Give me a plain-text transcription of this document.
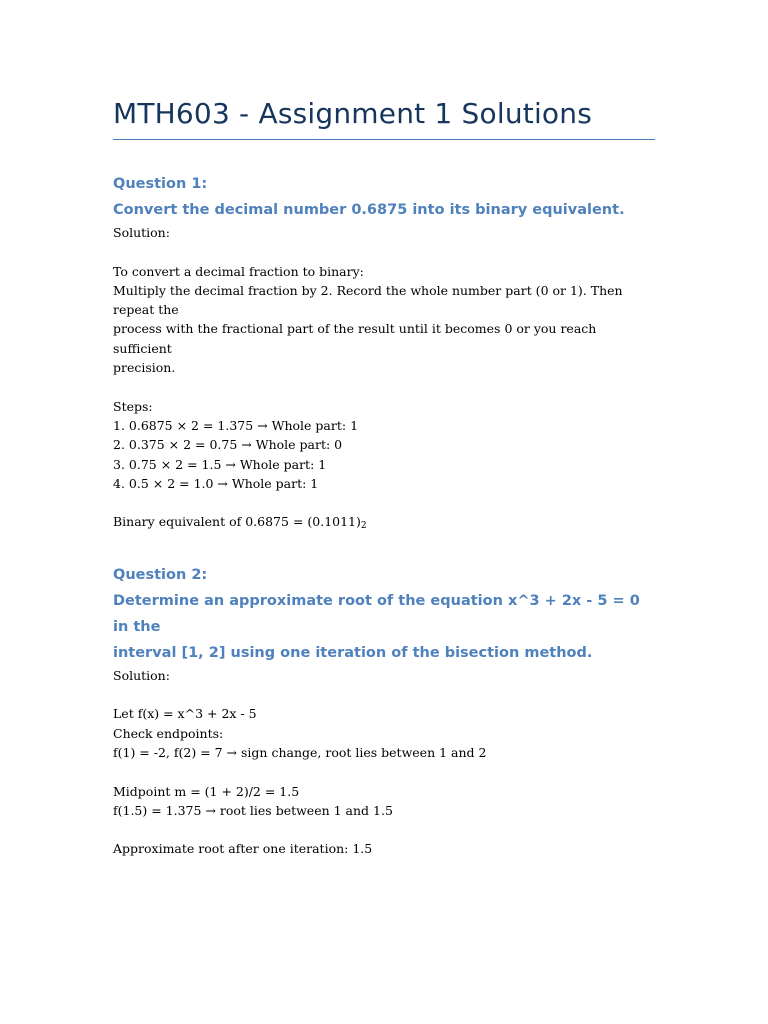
MTH603 - Assignment 1 Solutions
Question 1:

Convert the decimal number 0.6875 into its binary equivalent.

Solution:
To convert a decimal fraction to binary:
Multiply the decimal fraction by 2. Record the whole number part (0 or 1). Then repeat the
process with the fractional part of the result until it becomes 0 or you reach sufficient
precision.
Steps:
1. 0.6875 × 2 = 1.375 → Whole part: 1
2. 0.375 × 2 = 0.75 → Whole part: 0
3. 0.75 × 2 = 1.5 → Whole part: 1
4. 0.5 × 2 = 1.0 → Whole part: 1
Binary equivalent of $0.6875 = (0.1011)_2$
Question 2:

Determine an approximate root of the equation x^3 + 2x - 5 = 0 in the
interval [1, 2] using one iteration of the bisection method.

Solution:
Let f(x) = x^3 + 2x - 5
Check endpoints:
f(1) = -2, f(2) = 7 → sign change, root lies between 1 and 2
Midpoint m = (1 + 2)/2 = 1.5
f(1.5) = 1.375 → root lies between 1 and 1.5
Approximate root after one iteration: 1.5
